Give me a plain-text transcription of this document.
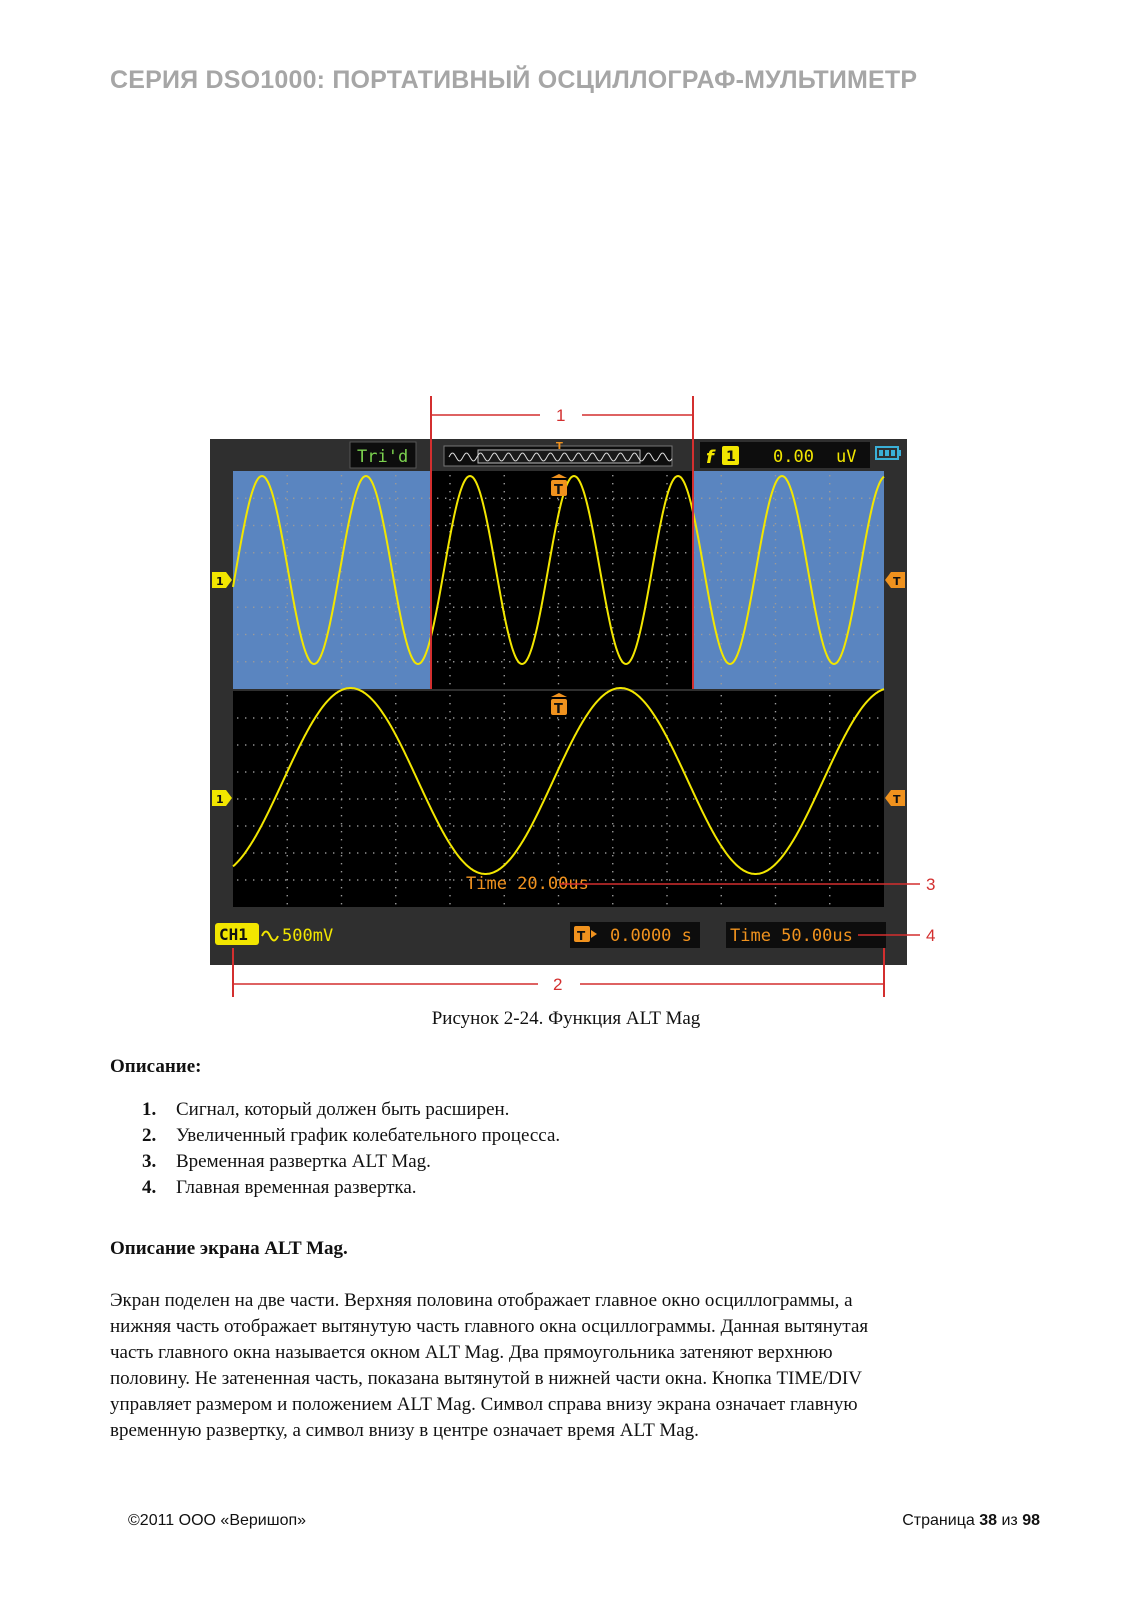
СЕРИЯ DSO1000: ПОРТАТИВНЫЙ ОСЦИЛЛОГРАФ-МУЛЬТИМЕТР
Tri'd
T
f 1 0.00 uV
T
T
1
1
T
T
Time 20.00us
CH1 500mV	T 0.0000 s Time 50.00us
1
2
3
4
Рисунок 2-24. Функция ALT Mag
Описание:
1.	Сигнал, который должен быть расширен.
2.	Увеличенный график колебательного процесса.
3.	Временная развертка ALT Mag.
4.	Главная временная развертка.
Описание экрана ALT Mag.
Экран поделен на две части. Верхняя половина отображает главное окно осциллограммы, а
нижняя часть отображает вытянутую часть главного окна осциллограммы. Данная вытянутая
часть главного окна называется окном ALT Mag. Два прямоугольника затеняют верхнюю
половину. Не затененная часть, показана вытянутой в нижней части окна. Кнопка TIME/DIV
управляет размером и положением ALT Mag. Символ справа внизу экрана означает главную
временную развертку, а символ внизу в центре означает время ALT Mag.
©2011 ООО «Веришоп»	Страница 38 из 98
